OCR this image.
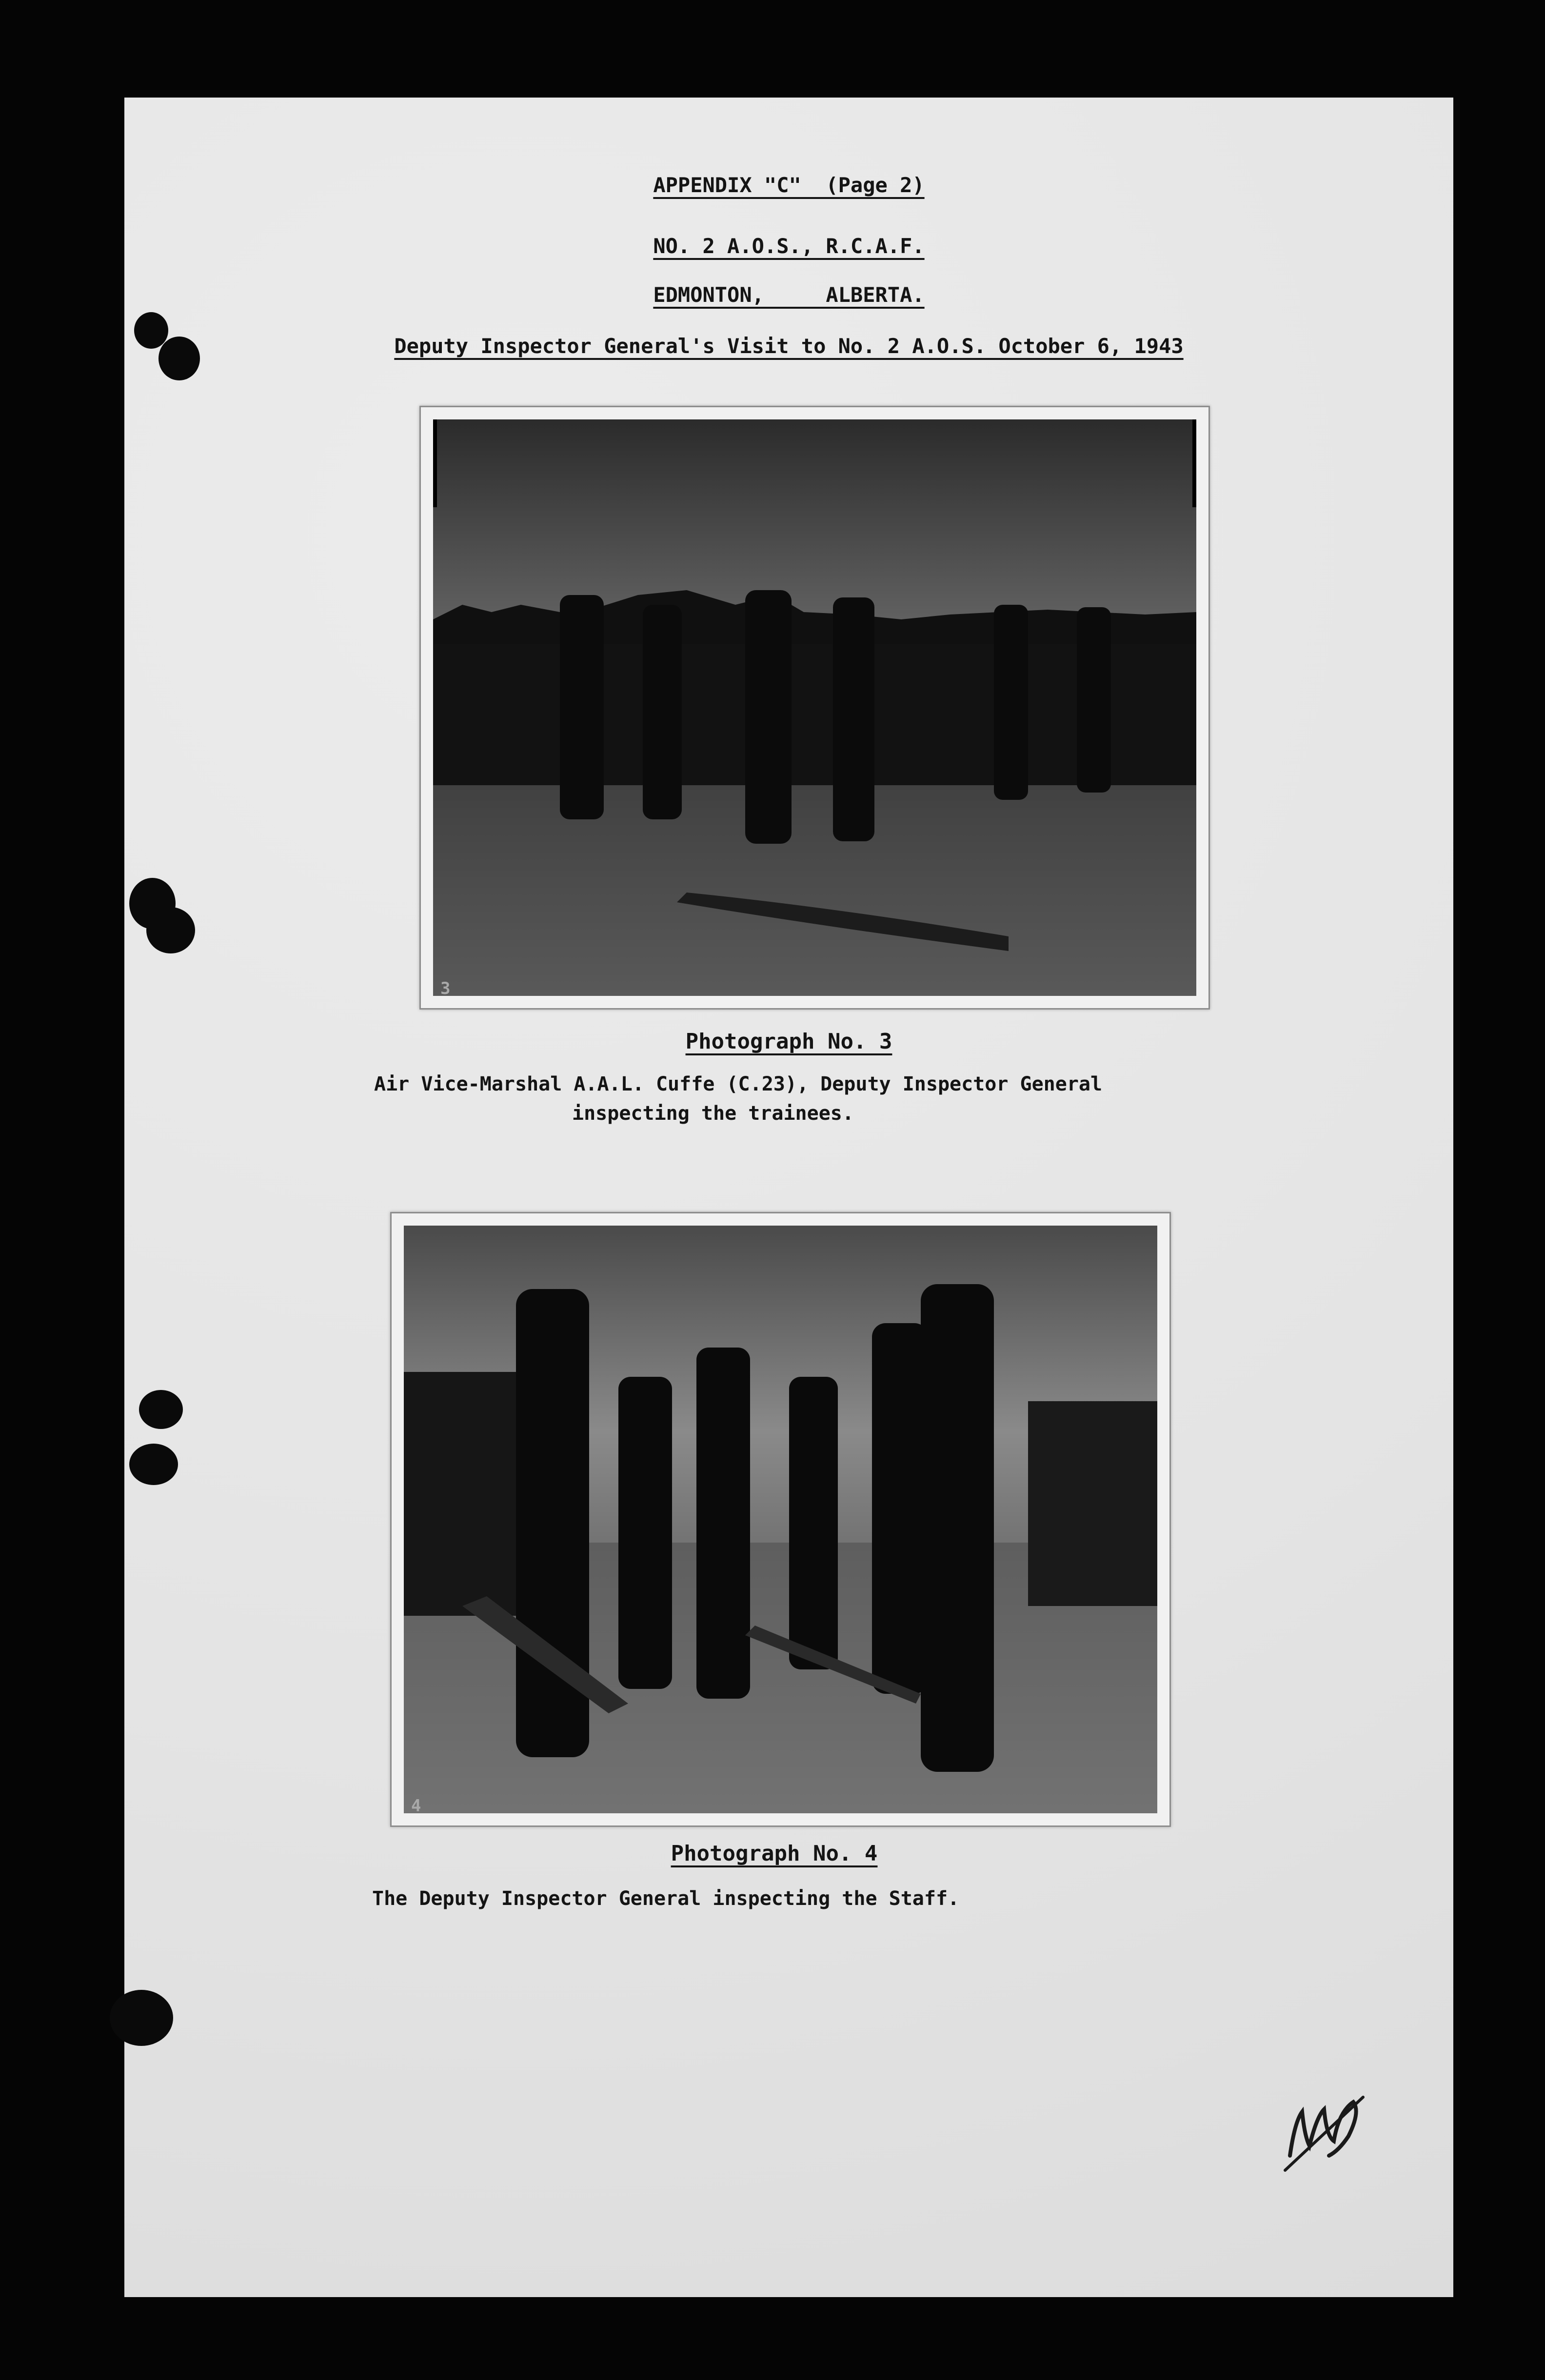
APPENDIX "C"  (Page 2)
NO. 2 A.O.S., R.C.A.F.
EDMONTON,     ALBERTA.
Deputy Inspector General's Visit to No. 2 A.O.S. October 6, 1943
3
Photograph No. 3
Air Vice-Marshal A.A.L. Cuffe (C.23), Deputy Inspector General
inspecting the trainees.
4
Photograph No. 4
The Deputy Inspector General inspecting the Staff.
